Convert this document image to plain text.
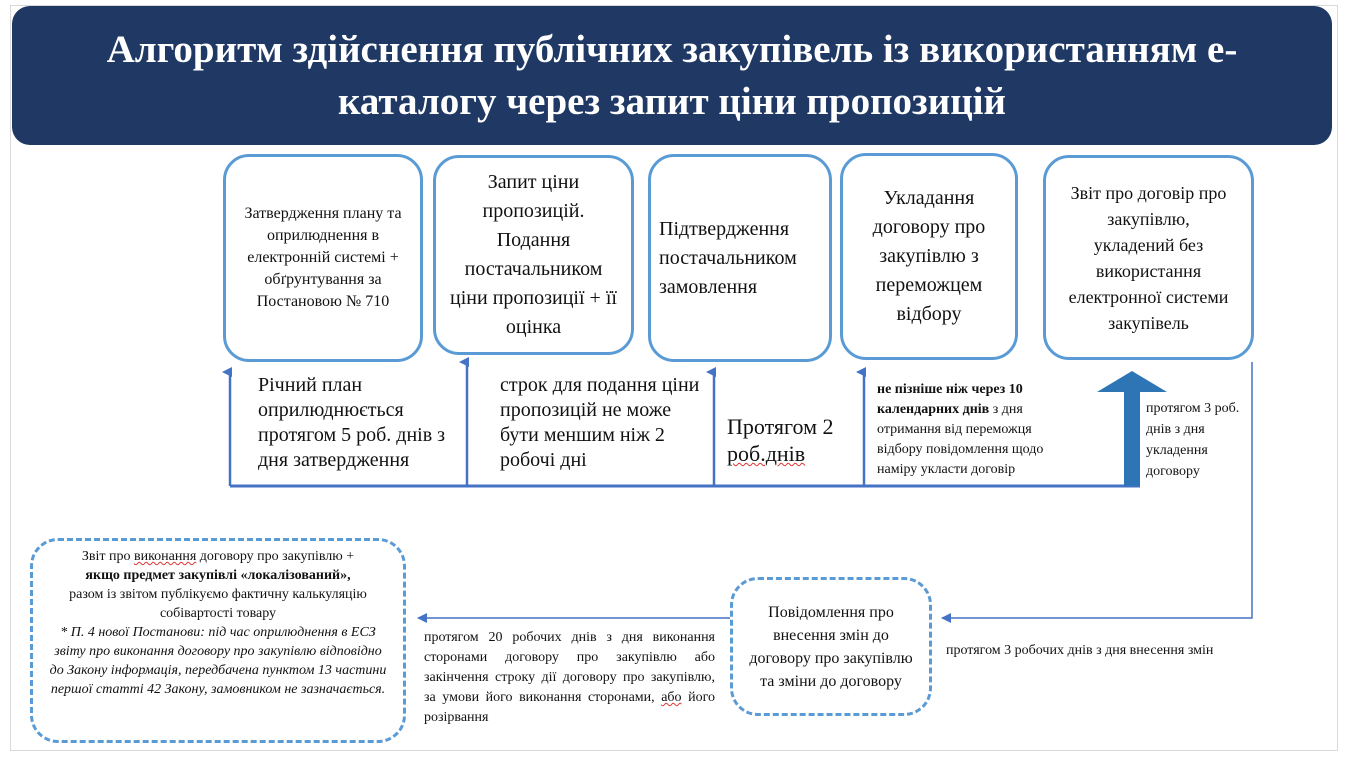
Алгоритм здійснення публічних закупівель із використанням е-каталогу через запит ціни пропозицій
Затвердження плану та оприлюднення в електронній системі + обґрунтування за Постановою № 710
Запит ціни пропозицій. Подання постачальником ціни пропозиції + її оцінка
Підтвердження постачальником замовлення
Укладання договору про закупівлю з переможцем відбору
Звіт про договір про закупівлю, укладений без використання електронної системи закупівель
Річний план оприлюднюється протягом 5 роб. днів з дня затвердження
строк для подання ціни пропозицій не може бути меншим ніж 2 робочі дні
Протягом 2 роб.днів
не пізніше ніж через 10 календарних днів з дня отримання від переможця відбору повідомлення щодо наміру укласти договір
протягом 3 роб. днів з дня укладення договору
протягом 3 робочих днів з дня внесення змін
протягом 20 робочих днів з дня виконання сторонами договору про закупівлю або закінчення строку дії договору про закупівлю, за умови його виконання сторонами, або його розірвання
Повідомлення про внесення змін до договору про закупівлю та зміни до договору
Звіт про виконання договору про закупівлю +
якщо предмет закупівлі «локалізований»,
разом із звітом публікуємо фактичну калькуляцію собівартості товару
* П. 4 нової Постанови: під час оприлюднення в ЕСЗ звіту про виконання договору про закупівлю відповідно до Закону інформація, передбачена пунктом 13 частини першої статті 42 Закону, замовником не зазначається.
